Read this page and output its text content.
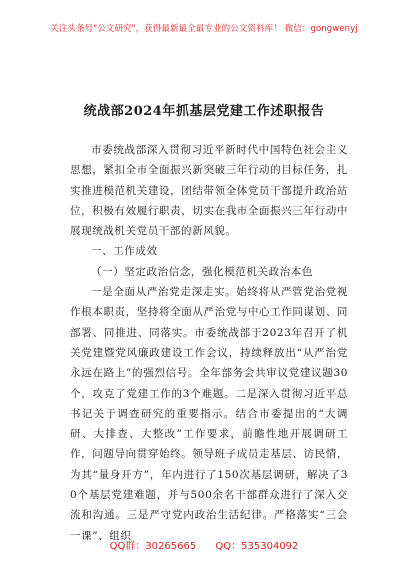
关注头条号"公文研究"，获得最新最全最专业的公文资料库！ 微信：gongwenyj
统战部2024年抓基层党建工作述职报告

市委统战部深入贯彻习近平新时代中国特色社会主义思想，紧扣全市全面振兴新突破三年行动的目标任务，扎实推进模范机关建设，团结带领全体党员干部提升政治站位，积极有效履行职责，切实在我市全面振兴三年行动中展现统战机关党员干部的新风貌。

一、工作成效

（一）坚定政治信念，强化模范机关政治本色

一是全面从严治党走深走实。始终将从严管党治党视作根本职责，坚持将全面从严治党与中心工作同谋划、同部署、同推进、同落实。市委统战部于2023年召开了机关党建暨党风廉政建设工作会议，持续释放出“从严治党永远在路上”的强烈信号。全年部务会共审议党建议题30个，攻克了党建工作的3个难题。二是深入贯彻习近平总书记关于调查研究的重要指示。结合市委提出的“大调研、大排查、大整改”工作要求，前瞻性地开展调研工作，问题导向贯穿始终。领导班子成员走基层、访民情，为其“量身开方”，年内进行了150次基层调研，解决了30个基层党建难题，并与500余名干部群众进行了深入交流和沟通。三是严守党内政治生活纪律。严格落实“三会一课”、组织

QQ群：30265665 QQ：535304092
